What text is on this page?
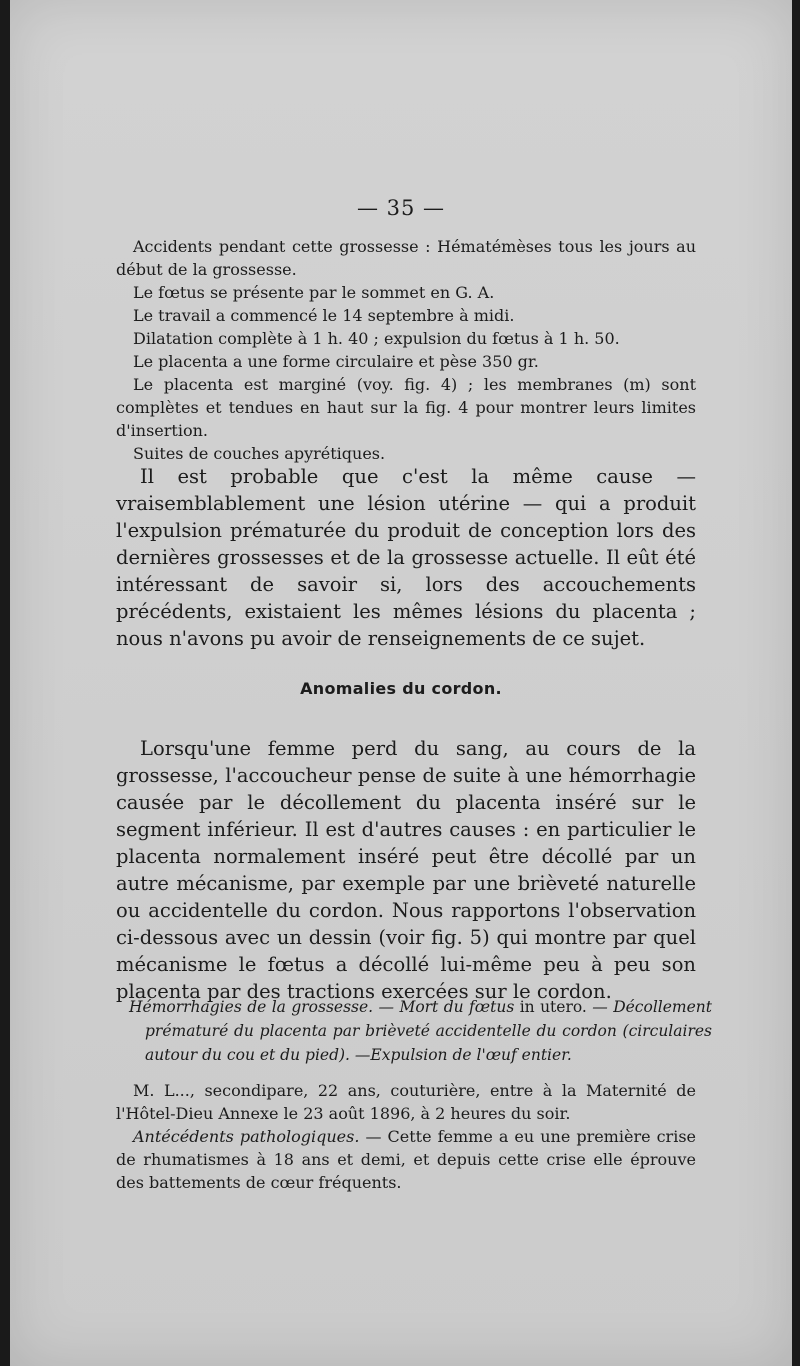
— 35 —

Accidents pendant cette grossesse : Hématémèses tous les jours au début de la grossesse.

Le fœtus se présente par le sommet en G. A.

Le travail a commencé le 14 septembre à midi.

Dilatation complète à 1 h. 40 ; expulsion du fœtus à 1 h. 50.

Le placenta a une forme circulaire et pèse 350 gr.

Le placenta est marginé (voy. fig. 4) ; les membranes (m) sont complètes et tendues en haut sur la fig. 4 pour montrer leurs limites d'insertion.

Suites de couches apyrétiques.

Il est probable que c'est la même cause — vraisemblablement une lésion utérine — qui a produit l'expulsion prématurée du produit de conception lors des dernières grossesses et de la grossesse actuelle. Il eût été intéressant de savoir si, lors des accouchements précédents, existaient les mêmes lésions du placenta ; nous n'avons pu avoir de renseignements de ce sujet.

Anomalies du cordon.

Lorsqu'une femme perd du sang, au cours de la grossesse, l'accoucheur pense de suite à une hémorrhagie causée par le décollement du placenta inséré sur le segment inférieur. Il est d'autres causes : en particulier le placenta normalement inséré peut être décollé par un autre mécanisme, par exemple par une brièveté naturelle ou accidentelle du cordon. Nous rapportons l'observation ci-dessous avec un dessin (voir fig. 5) qui montre par quel mécanisme le fœtus a décollé lui-même peu à peu son placenta par des tractions exercées sur le cordon.

Hémorrhagies de la grossesse. — Mort du fœtus in utero. — Décollement prématuré du placenta par brièveté accidentelle du cordon (circulaires autour du cou et du pied). —Expulsion de l'œuf entier.

M. L..., secondipare, 22 ans, couturière, entre à la Maternité de l'Hôtel-Dieu Annexe le 23 août 1896, à 2 heures du soir.

Antécédents pathologiques. — Cette femme a eu une première crise de rhumatismes à 18 ans et demi, et depuis cette crise elle éprouve des battements de cœur fréquents.
